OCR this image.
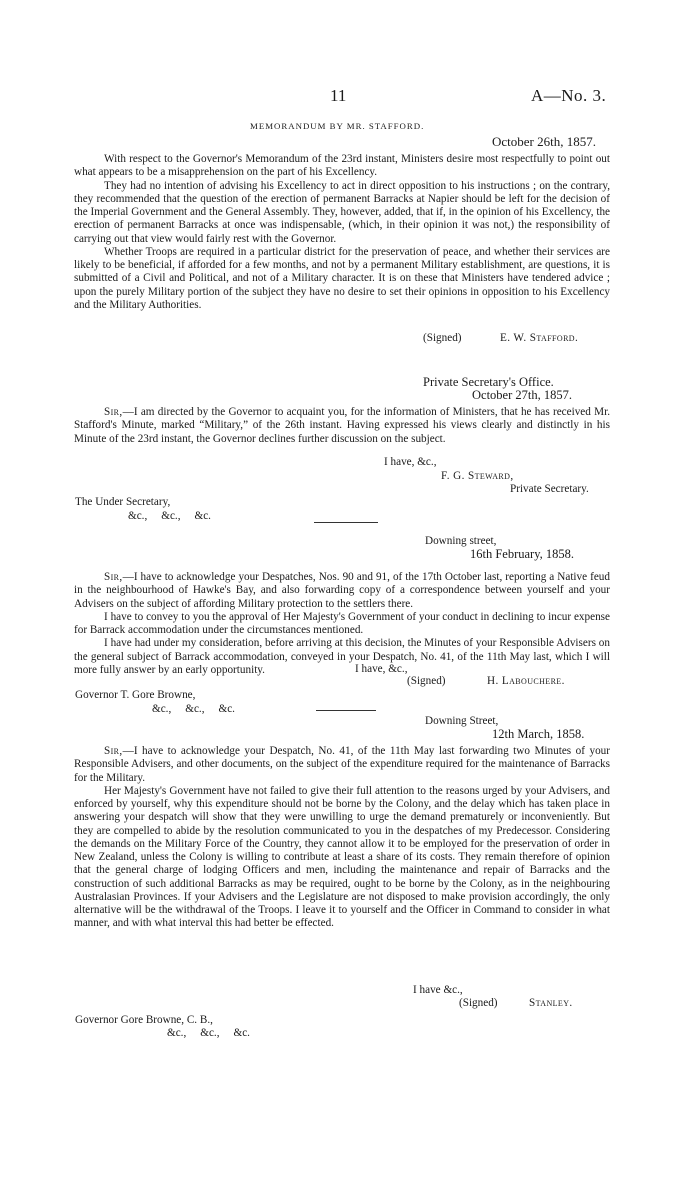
11	A—No. 3.
MEMORANDUM BY MR. STAFFORD.
October 26th, 1857.

With respect to the Governor's Memorandum of the 23rd instant, Ministers desire most respectfully to point out what appears to be a misapprehension on the part of his Excellency.

They had no intention of advising his Excellency to act in direct opposition to his instructions ; on the contrary, they recommended that the question of the erection of permanent Barracks at Napier should be left for the decision of the Imperial Government and the General Assembly. They, however, added, that if, in the opinion of his Excellency, the erection of permanent Barracks at once was indispensable, (which, in their opinion it was not,) the responsibility of carrying out that view would fairly rest with the Governor.

Whether Troops are required in a particular district for the preservation of peace, and whether their services are likely to be beneficial, if afforded for a few months, and not by a permanent Military establishment, are questions, it is submitted of a Civil and Political, and not of a Military character. It is on these that Ministers have tendered advice ; upon the purely Military portion of the subject they have no desire to set their opinions in opposition to his Excellency and the Military Authorities.

(Signed)	E. W. Stafford.
Private Secretary's Office.
October 27th, 1857.

Sir,—I am directed by the Governor to acquaint you, for the information of Ministers, that he has received Mr. Stafford's Minute, marked “Military,” of the 26th instant. Having expressed his views clearly and distinctly in his Minute of the 23rd instant, the Governor declines further discussion on the subject.

I have, &c.,
F. G. Steward,
Private Secretary.
The Under Secretary,
&c.,     &c.,     &c.
Downing street,
16th February, 1858.

Sir,—I have to acknowledge your Despatches, Nos. 90 and 91, of the 17th October last, reporting a Native feud in the neighbourhood of Hawke's Bay, and also forwarding copy of a correspondence between yourself and your Advisers on the subject of affording Military protection to the settlers there.

I have to convey to you the approval of Her Majesty's Government of your conduct in declining to incur expense for Barrack accommodation under the circumstances mentioned.

I have had under my consideration, before arriving at this decision, the Minutes of your Responsible Advisers on the general subject of Barrack accommodation, conveyed in your Despatch, No. 41, of the 11th May last, which I will more fully answer by an early opportunity.	I have, &c.,
(Signed)	H. Labouchere.
Governor T. Gore Browne,
&c.,     &c.,     &c.
Downing Street,
12th March, 1858.

Sir,—I have to acknowledge your Despatch, No. 41, of the 11th May last forwarding two Minutes of your Responsible Advisers, and other documents, on the subject of the expenditure required for the maintenance of Barracks for the Military.

Her Majesty's Government have not failed to give their full attention to the reasons urged by your Advisers, and enforced by yourself, why this expenditure should not be borne by the Colony, and the delay which has taken place in answering your despatch will show that they were unwilling to urge the demand prematurely or inconveniently. But they are compelled to abide by the resolution communicated to you in the despatches of my Predecessor. Considering the demands on the Military Force of the Country, they cannot allow it to be employed for the preservation of order in New Zealand, unless the Colony is willing to contribute at least a share of its costs. They remain therefore of opinion that the general charge of lodging Officers and men, including the maintenance and repair of Barracks and the construction of such additional Barracks as may be required, ought to be borne by the Colony, as in the neighbouring Australasian Provinces. If your Advisers and the Legislature are not disposed to make provision accordingly, the only alternative will be the withdrawal of the Troops. I leave it to yourself and the Officer in Command to consider in what manner, and with what interval this had better be effected.

I have &c.,
(Signed)	Stanley.
Governor Gore Browne, C. B.,
&c.,     &c.,     &c.
